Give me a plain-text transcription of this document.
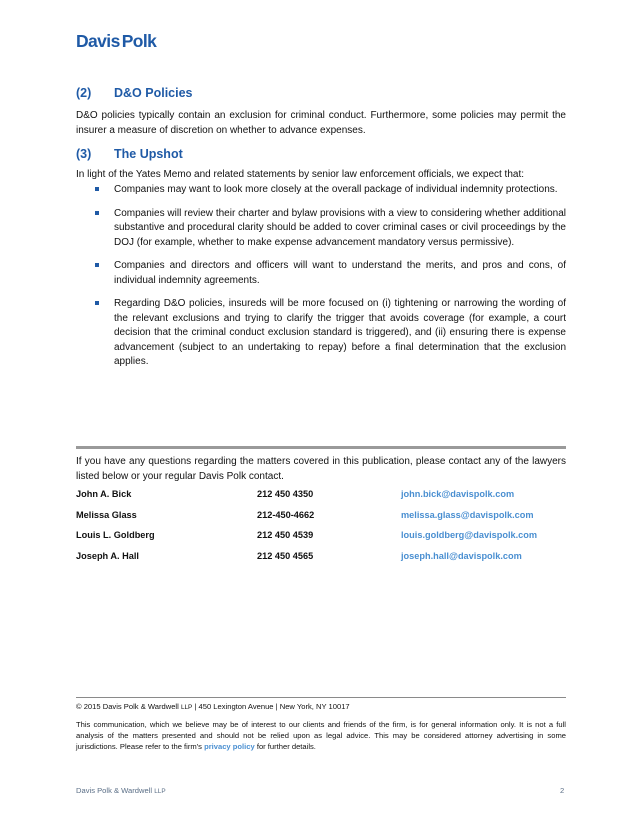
Davis Polk
(2) D&O Policies
D&O policies typically contain an exclusion for criminal conduct. Furthermore, some policies may permit the insurer a measure of discretion on whether to advance expenses.
(3) The Upshot
In light of the Yates Memo and related statements by senior law enforcement officials, we expect that:
Companies may want to look more closely at the overall package of individual indemnity protections.
Companies will review their charter and bylaw provisions with a view to considering whether additional substantive and procedural clarity should be added to cover criminal cases or civil proceedings by the DOJ (for example, whether to make expense advancement mandatory versus permissive).
Companies and directors and officers will want to understand the merits, and pros and cons, of individual indemnity agreements.
Regarding D&O policies, insureds will be more focused on (i) tightening or narrowing the wording of the relevant exclusions and trying to clarify the trigger that avoids coverage (for example, a court decision that the criminal conduct exclusion standard is triggered), and (ii) ensuring there is expense advancement (subject to an undertaking to repay) before a final determination that the exclusion applies.
If you have any questions regarding the matters covered in this publication, please contact any of the lawyers listed below or your regular Davis Polk contact.
John A. Bick	212 450 4350	john.bick@davispolk.com
Melissa Glass	212-450-4662	melissa.glass@davispolk.com
Louis L. Goldberg	212 450 4539	louis.goldberg@davispolk.com
Joseph A. Hall	212 450 4565	joseph.hall@davispolk.com
© 2015 Davis Polk & Wardwell LLP | 450 Lexington Avenue | New York, NY 10017
This communication, which we believe may be of interest to our clients and friends of the firm, is for general information only. It is not a full analysis of the matters presented and should not be relied upon as legal advice. This may be considered attorney advertising in some jurisdictions. Please refer to the firm's privacy policy for further details.
Davis Polk & Wardwell LLP	2
